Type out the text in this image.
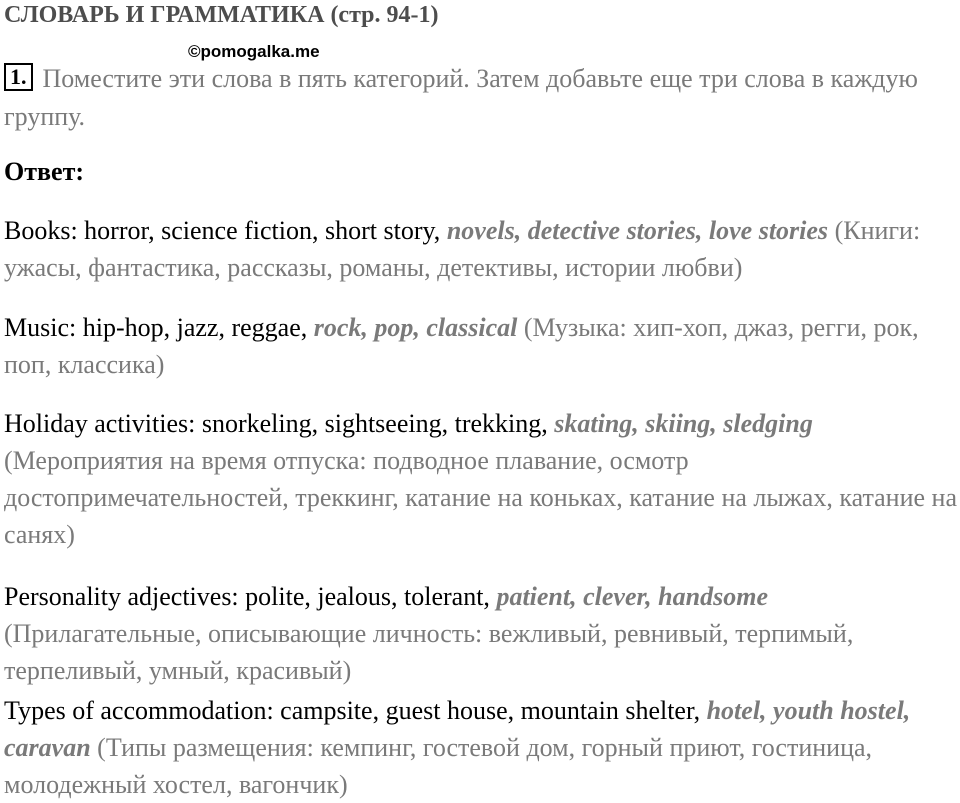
СЛОВАРЬ И ГРАММАТИКА (стр. 94-1)
©pomogalka.me
1. Поместите эти слова в пять категорий. Затем добавьте еще три слова в каждую группу.
Ответ:
Books: horror, science fiction, short story, novels, detective stories, love stories (Книги: ужасы, фантастика, рассказы, романы, детективы, истории любви)
Music: hip-hop, jazz, reggae, rock, pop, classical (Музыка: хип-хоп, джаз, регги, рок, поп, классика)
Holiday activities: snorkeling, sightseeing, trekking, skating, skiing, sledging (Мероприятия на время отпуска: подводное плавание, осмотр достопримечательностей, треккинг, катание на коньках, катание на лыжах, катание на санях)
Personality adjectives: polite, jealous, tolerant, patient, clever, handsome (Прилагательные, описывающие личность: вежливый, ревнивый, терпимый, терпеливый, умный, красивый)
Types of accommodation: campsite, guest house, mountain shelter, hotel, youth hostel, caravan (Типы размещения: кемпинг, гостевой дом, горный приют, гостиница, молодежный хостел, вагончик)
